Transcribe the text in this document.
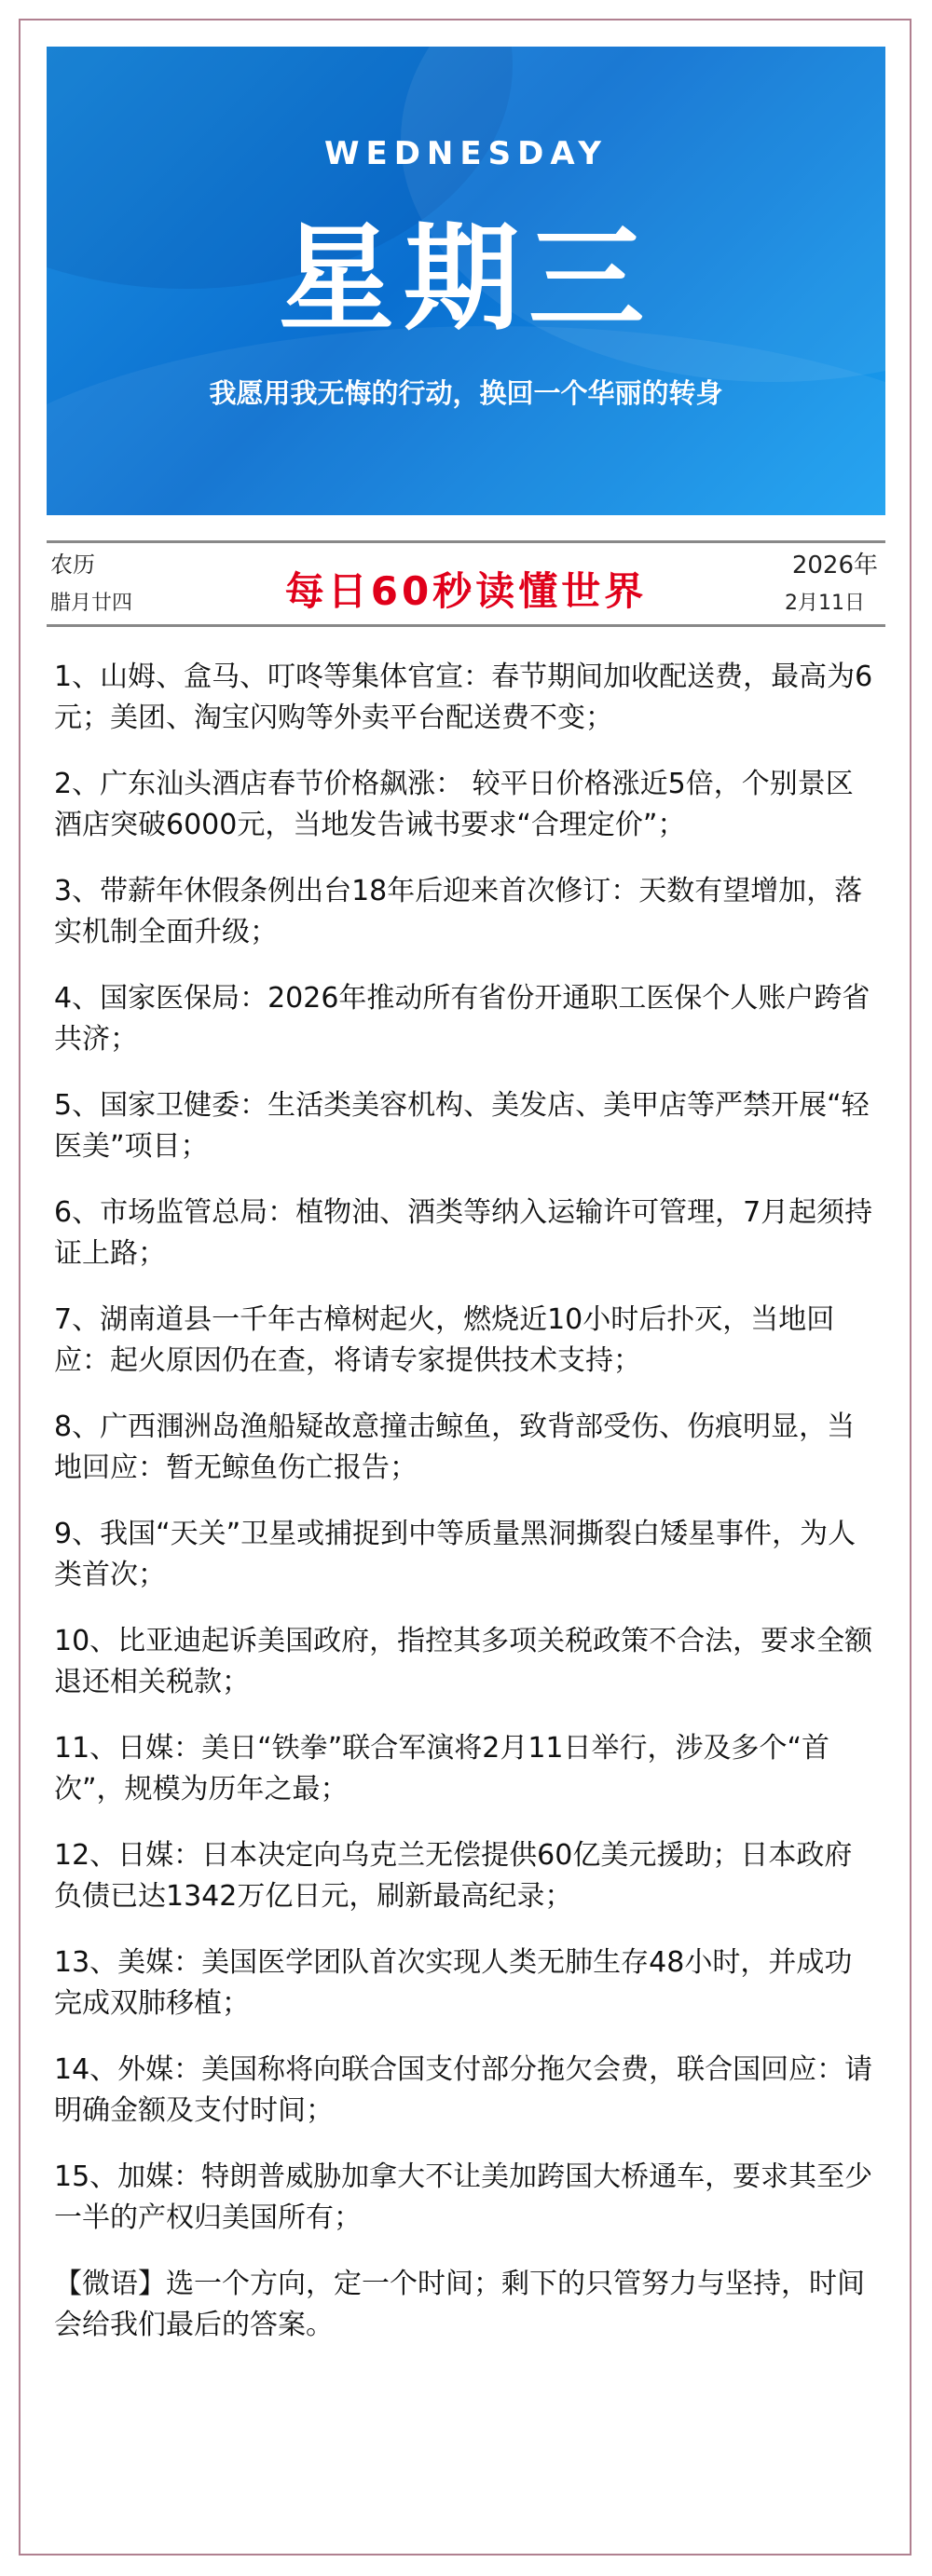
WEDNESDAY
星期三
我愿用我无悔的行动，换回一个华丽的转身
农历
腊月廿四	每日60秒读懂世界
2026年
2月11日

1、山姆、盒马、叮咚等集体官宣：春节期间加收配送费，最高为6元；美团、淘宝闪购等外卖平台配送费不变；

2、广东汕头酒店春节价格飙涨： 较平日价格涨近5倍，个别景区酒店突破6000元，当地发告诫书要求“合理定价”；

3、带薪年休假条例出台18年后迎来首次修订：天数有望增加，落实机制全面升级；

4、国家医保局：2026年推动所有省份开通职工医保个人账户跨省共济；

5、国家卫健委：生活类美容机构、美发店、美甲店等严禁开展“轻医美”项目；

6、市场监管总局：植物油、酒类等纳入运输许可管理，7月起须持证上路；

7、湖南道县一千年古樟树起火，燃烧近10小时后扑灭，当地回应：起火原因仍在查，将请专家提供技术支持；

8、广西涠洲岛渔船疑故意撞击鲸鱼，致背部受伤、伤痕明显，当地回应：暂无鲸鱼伤亡报告；

9、我国“天关”卫星或捕捉到中等质量黑洞撕裂白矮星事件，为人类首次；

10、比亚迪起诉美国政府，指控其多项关税政策不合法，要求全额退还相关税款；

11、日媒：美日“铁拳”联合军演将2月11日举行，涉及多个“首次”，规模为历年之最；

12、日媒：日本决定向乌克兰无偿提供60亿美元援助；日本政府负债已达1342万亿日元，刷新最高纪录；

13、美媒：美国医学团队首次实现人类无肺生存48小时，并成功完成双肺移植；

14、外媒：美国称将向联合国支付部分拖欠会费，联合国回应：请明确金额及支付时间；

15、加媒：特朗普威胁加拿大不让美加跨国大桥通车，要求其至少一半的产权归美国所有；

【微语】选一个方向，定一个时间；剩下的只管努力与坚持，时间会给我们最后的答案。
